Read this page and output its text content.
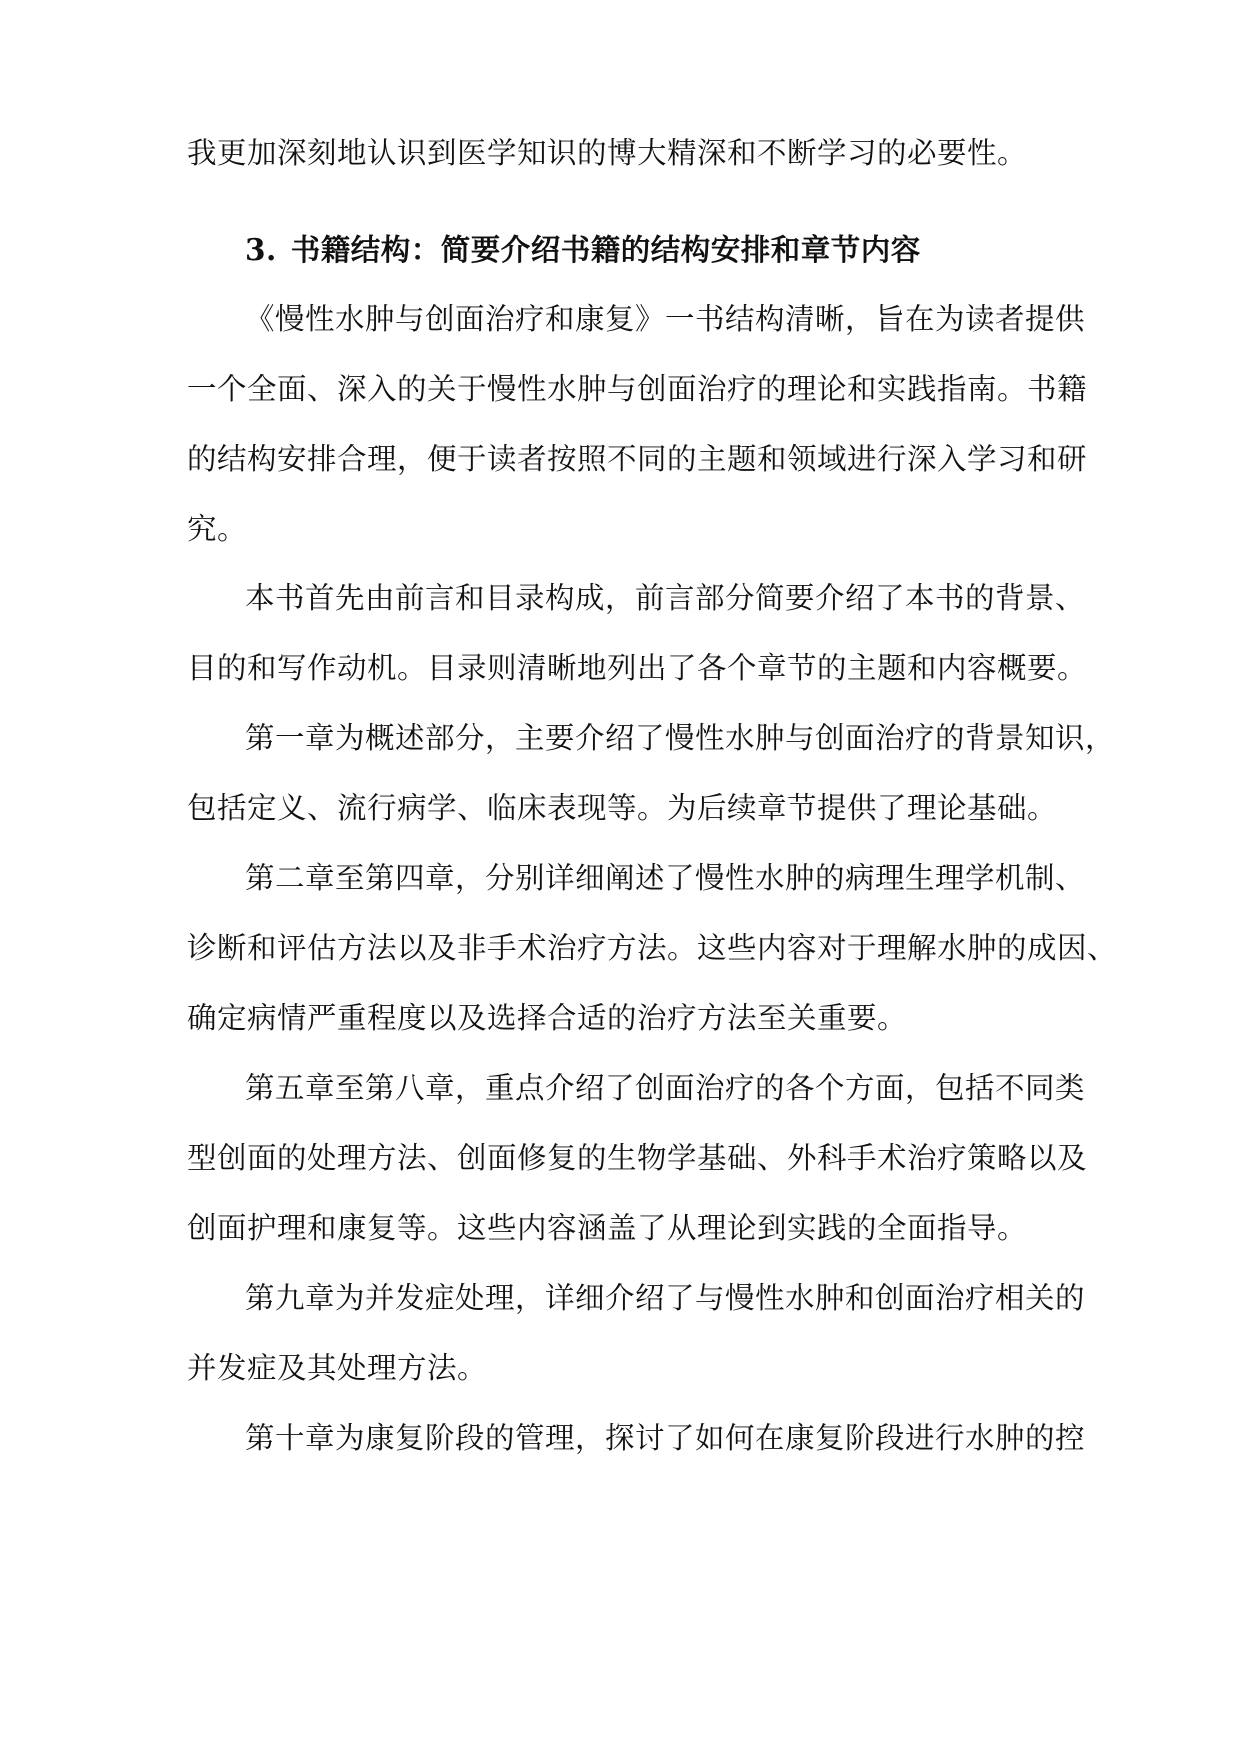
我更加深刻地认识到医学知识的博大精深和不断学习的必要性。
3. 书籍结构：简要介绍书籍的结构安排和章节内容
《慢性水肿与创面治疗和康复》一书结构清晰，旨在为读者提供
一个全面、深入的关于慢性水肿与创面治疗的理论和实践指南。书籍
的结构安排合理，便于读者按照不同的主题和领域进行深入学习和研
究。
本书首先由前言和目录构成，前言部分简要介绍了本书的背景、
目的和写作动机。目录则清晰地列出了各个章节的主题和内容概要。
第一章为概述部分，主要介绍了慢性水肿与创面治疗的背景知识，
包括定义、流行病学、临床表现等。为后续章节提供了理论基础。
第二章至第四章，分别详细阐述了慢性水肿的病理生理学机制、
诊断和评估方法以及非手术治疗方法。这些内容对于理解水肿的成因、
确定病情严重程度以及选择合适的治疗方法至关重要。
第五章至第八章，重点介绍了创面治疗的各个方面，包括不同类
型创面的处理方法、创面修复的生物学基础、外科手术治疗策略以及
创面护理和康复等。这些内容涵盖了从理论到实践的全面指导。
第九章为并发症处理，详细介绍了与慢性水肿和创面治疗相关的
并发症及其处理方法。
第十章为康复阶段的管理，探讨了如何在康复阶段进行水肿的控
